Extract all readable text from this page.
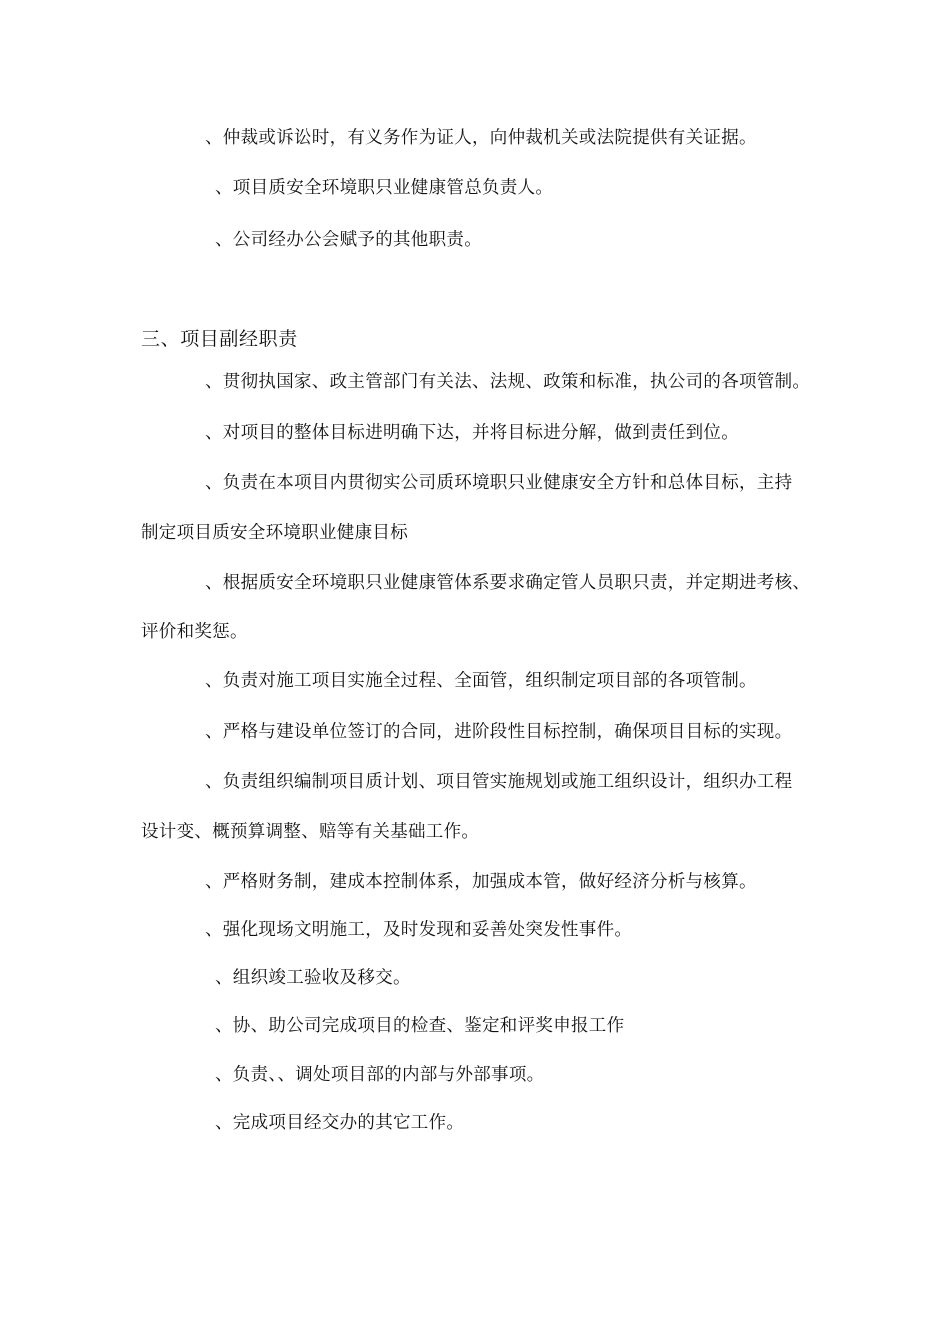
、仲裁或诉讼时，有义务作为证人，向仲裁机关或法院提供有关证据。
、项目质安全环境职只业健康管总负责人。
、公司经办公会赋予的其他职责。
三、项目副经职责
、贯彻执国家、政主管部门有关法、法规、政策和标准，执公司的各项管制。
、对项目的整体目标进明确下达，并将目标进分解，做到责任到位。
、负责在本项目内贯彻实公司质环境职只业健康安全方针和总体目标，主持
制定项目质安全环境职业健康目标
、根据质安全环境职只业健康管体系要求确定管人员职只责，并定期进考核、
评价和奖惩。
、负责对施工项目实施全过程、全面管，组织制定项目部的各项管制。
、严格与建设单位签订的合同，进阶段性目标控制，确保项目目标的实现。
、负责组织编制项目质计划、项目管实施规划或施工组织设计，组织办工程
设计变、概预算调整、赔等有关基础工作。
、严格财务制，建成本控制体系，加强成本管，做好经济分析与核算。
、强化现场文明施工，及时发现和妥善处突发性事件。
、组织竣工验收及移交。
、协、助公司完成项目的检查、鉴定和评奖申报工作
、负责、、调处项目部的内部与外部事项。
、完成项目经交办的其它工作。
